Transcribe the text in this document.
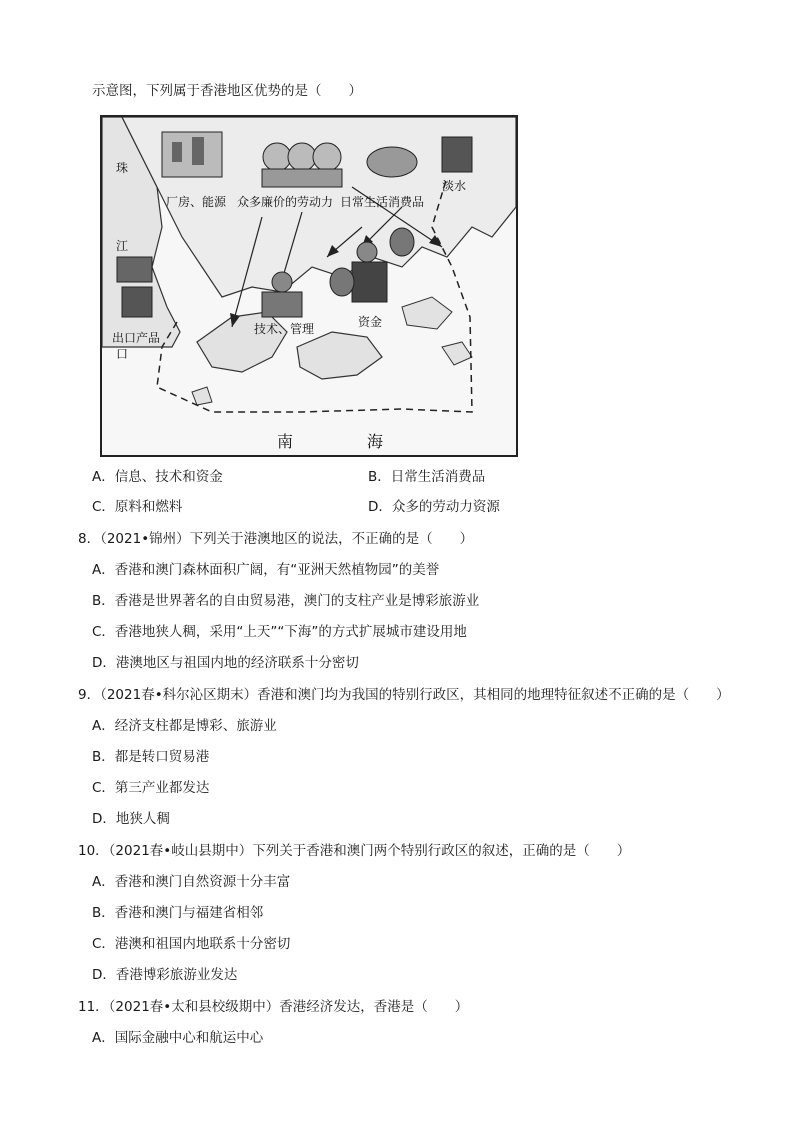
示意图，下列属于香港地区优势的是（　　）
珠
江
口
厂房、能源 众多廉价的劳动力 日常生活消费品
淡水
出口产品
技术、管理	资金
南	海
A．信息、技术和资金	B．日常生活消费品
C．原料和燃料	D．众多的劳动力资源
8．（2021•锦州）下列关于港澳地区的说法，不正确的是（　　）
A．香港和澳门森林面积广阔，有“亚洲天然植物园”的美誉
B．香港是世界著名的自由贸易港，澳门的支柱产业是博彩旅游业
C．香港地狭人稠，采用“上天”“下海”的方式扩展城市建设用地
D．港澳地区与祖国内地的经济联系十分密切
9．（2021春•科尔沁区期末）香港和澳门均为我国的特别行政区，其相同的地理特征叙述不正确的是（　　）
A．经济支柱都是博彩、旅游业
B．都是转口贸易港
C．第三产业都发达
D．地狭人稠
10．（2021春•岐山县期中）下列关于香港和澳门两个特别行政区的叙述，正确的是（　　）
A．香港和澳门自然资源十分丰富
B．香港和澳门与福建省相邻
C．港澳和祖国内地联系十分密切
D．香港博彩旅游业发达
11．（2021春•太和县校级期中）香港经济发达，香港是（　　）
A．国际金融中心和航运中心
